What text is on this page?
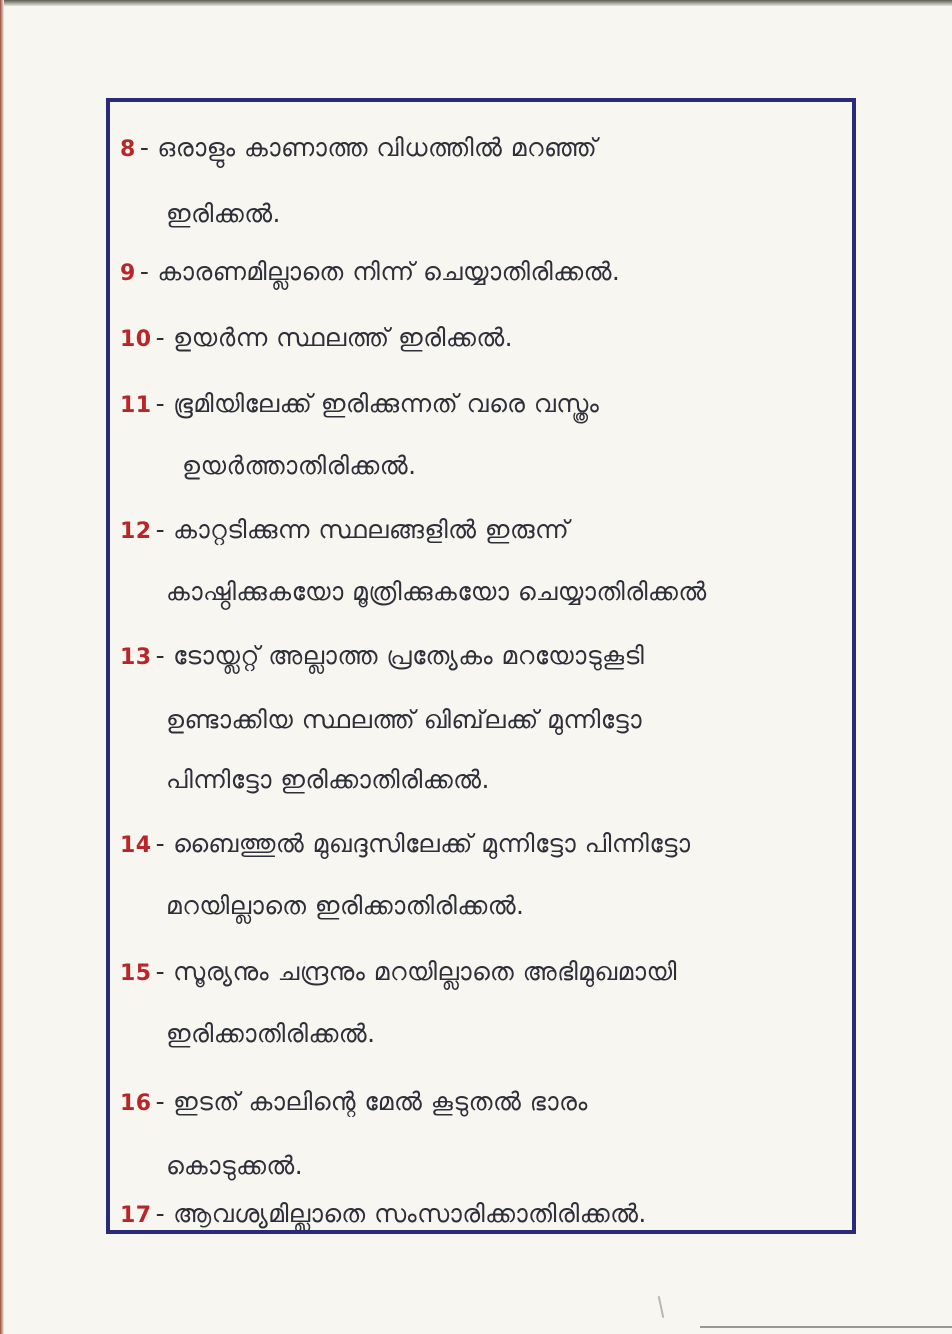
8 - ഒരാളും കാണാത്ത വിധത്തിൽ മറഞ്ഞ്
ഇരിക്കൽ.
9 - കാരണമില്ലാതെ നിന്ന് ചെയ്യാതിരിക്കൽ.
10 - ഉയർന്ന സ്ഥലത്ത് ഇരിക്കൽ.
11 - ഭൂമിയിലേക്ക് ഇരിക്കുന്നത് വരെ വസ്ത്രം
ഉയർത്താതിരിക്കൽ.
12 - കാറ്റടിക്കുന്ന സ്ഥലങ്ങളിൽ ഇരുന്ന്
കാഷ്ഠിക്കുകയോ മൂത്രിക്കുകയോ ചെയ്യാതിരിക്കൽ
13 - ടോയ്ലറ്റ് അല്ലാത്ത പ്രത്യേകം മറയോടുകൂടി
ഉണ്ടാക്കിയ സ്ഥലത്ത് ഖിബ്‌ലക്ക് മുന്നിട്ടോ
പിന്നിട്ടോ ഇരിക്കാതിരിക്കൽ.
14 - ബൈത്തുൽ മുഖദ്ദസിലേക്ക് മുന്നിട്ടോ പിന്നിട്ടോ
മറയില്ലാതെ ഇരിക്കാതിരിക്കൽ.
15 - സൂര്യനും ചന്ദ്രനും മറയില്ലാതെ അഭിമുഖമായി
ഇരിക്കാതിരിക്കൽ.
16 - ഇടത് കാലിന്റെ മേൽ കൂടുതൽ ഭാരം
കൊടുക്കൽ.
17 - ആവശ്യമില്ലാതെ സംസാരിക്കാതിരിക്കൽ.
